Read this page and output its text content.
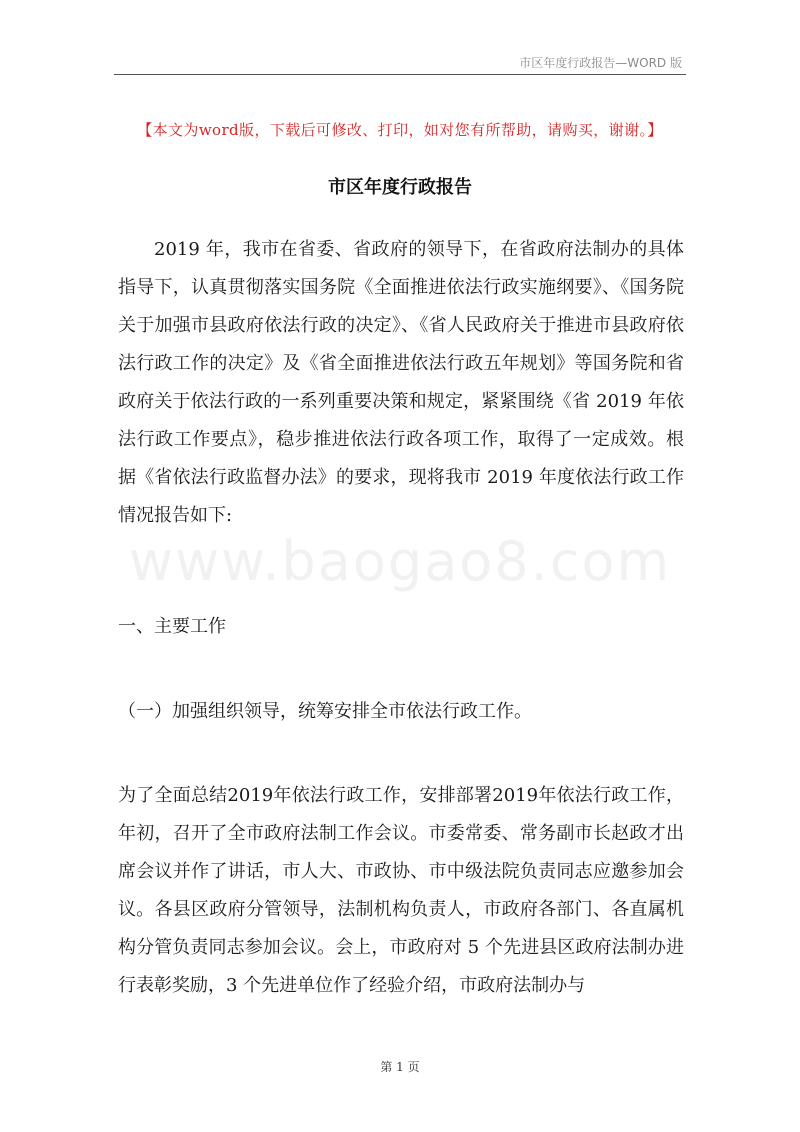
市区年度行政报告—WORD 版
【本文为word版，下载后可修改、打印，如对您有所帮助，请购买，谢谢。】
市区年度行政报告

2019 年，我市在省委、省政府的领导下，在省政府法制办的具体指导下，认真贯彻落实国务院《全面推进依法行政实施纲要》、《国务院关于加强市县政府依法行政的决定》、《省人民政府关于推进市县政府依法行政工作的决定》及《省全面推进依法行政五年规划》等国务院和省政府关于依法行政的一系列重要决策和规定，紧紧围绕《省 2019 年依法行政工作要点》，稳步推进依法行政各项工作，取得了一定成效。根据《省依法行政监督办法》的要求，现将我市 2019 年度依法行政工作情况报告如下:

www.baogao8.com

一、主要工作

（一）加强组织领导，统筹安排全市依法行政工作。

为了全面总结2019年依法行政工作，安排部署2019年依法行政工作，年初，召开了全市政府法制工作会议。市委常委、常务副市长赵政才出席会议并作了讲话，市人大、市政协、市中级法院负责同志应邀参加会议。各县区政府分管领导，法制机构负责人，市政府各部门、各直属机构分管负责同志参加会议。会上，市政府对 5 个先进县区政府法制办进行表彰奖励，3 个先进单位作了经验介绍，市政府法制办与

第 1 页
